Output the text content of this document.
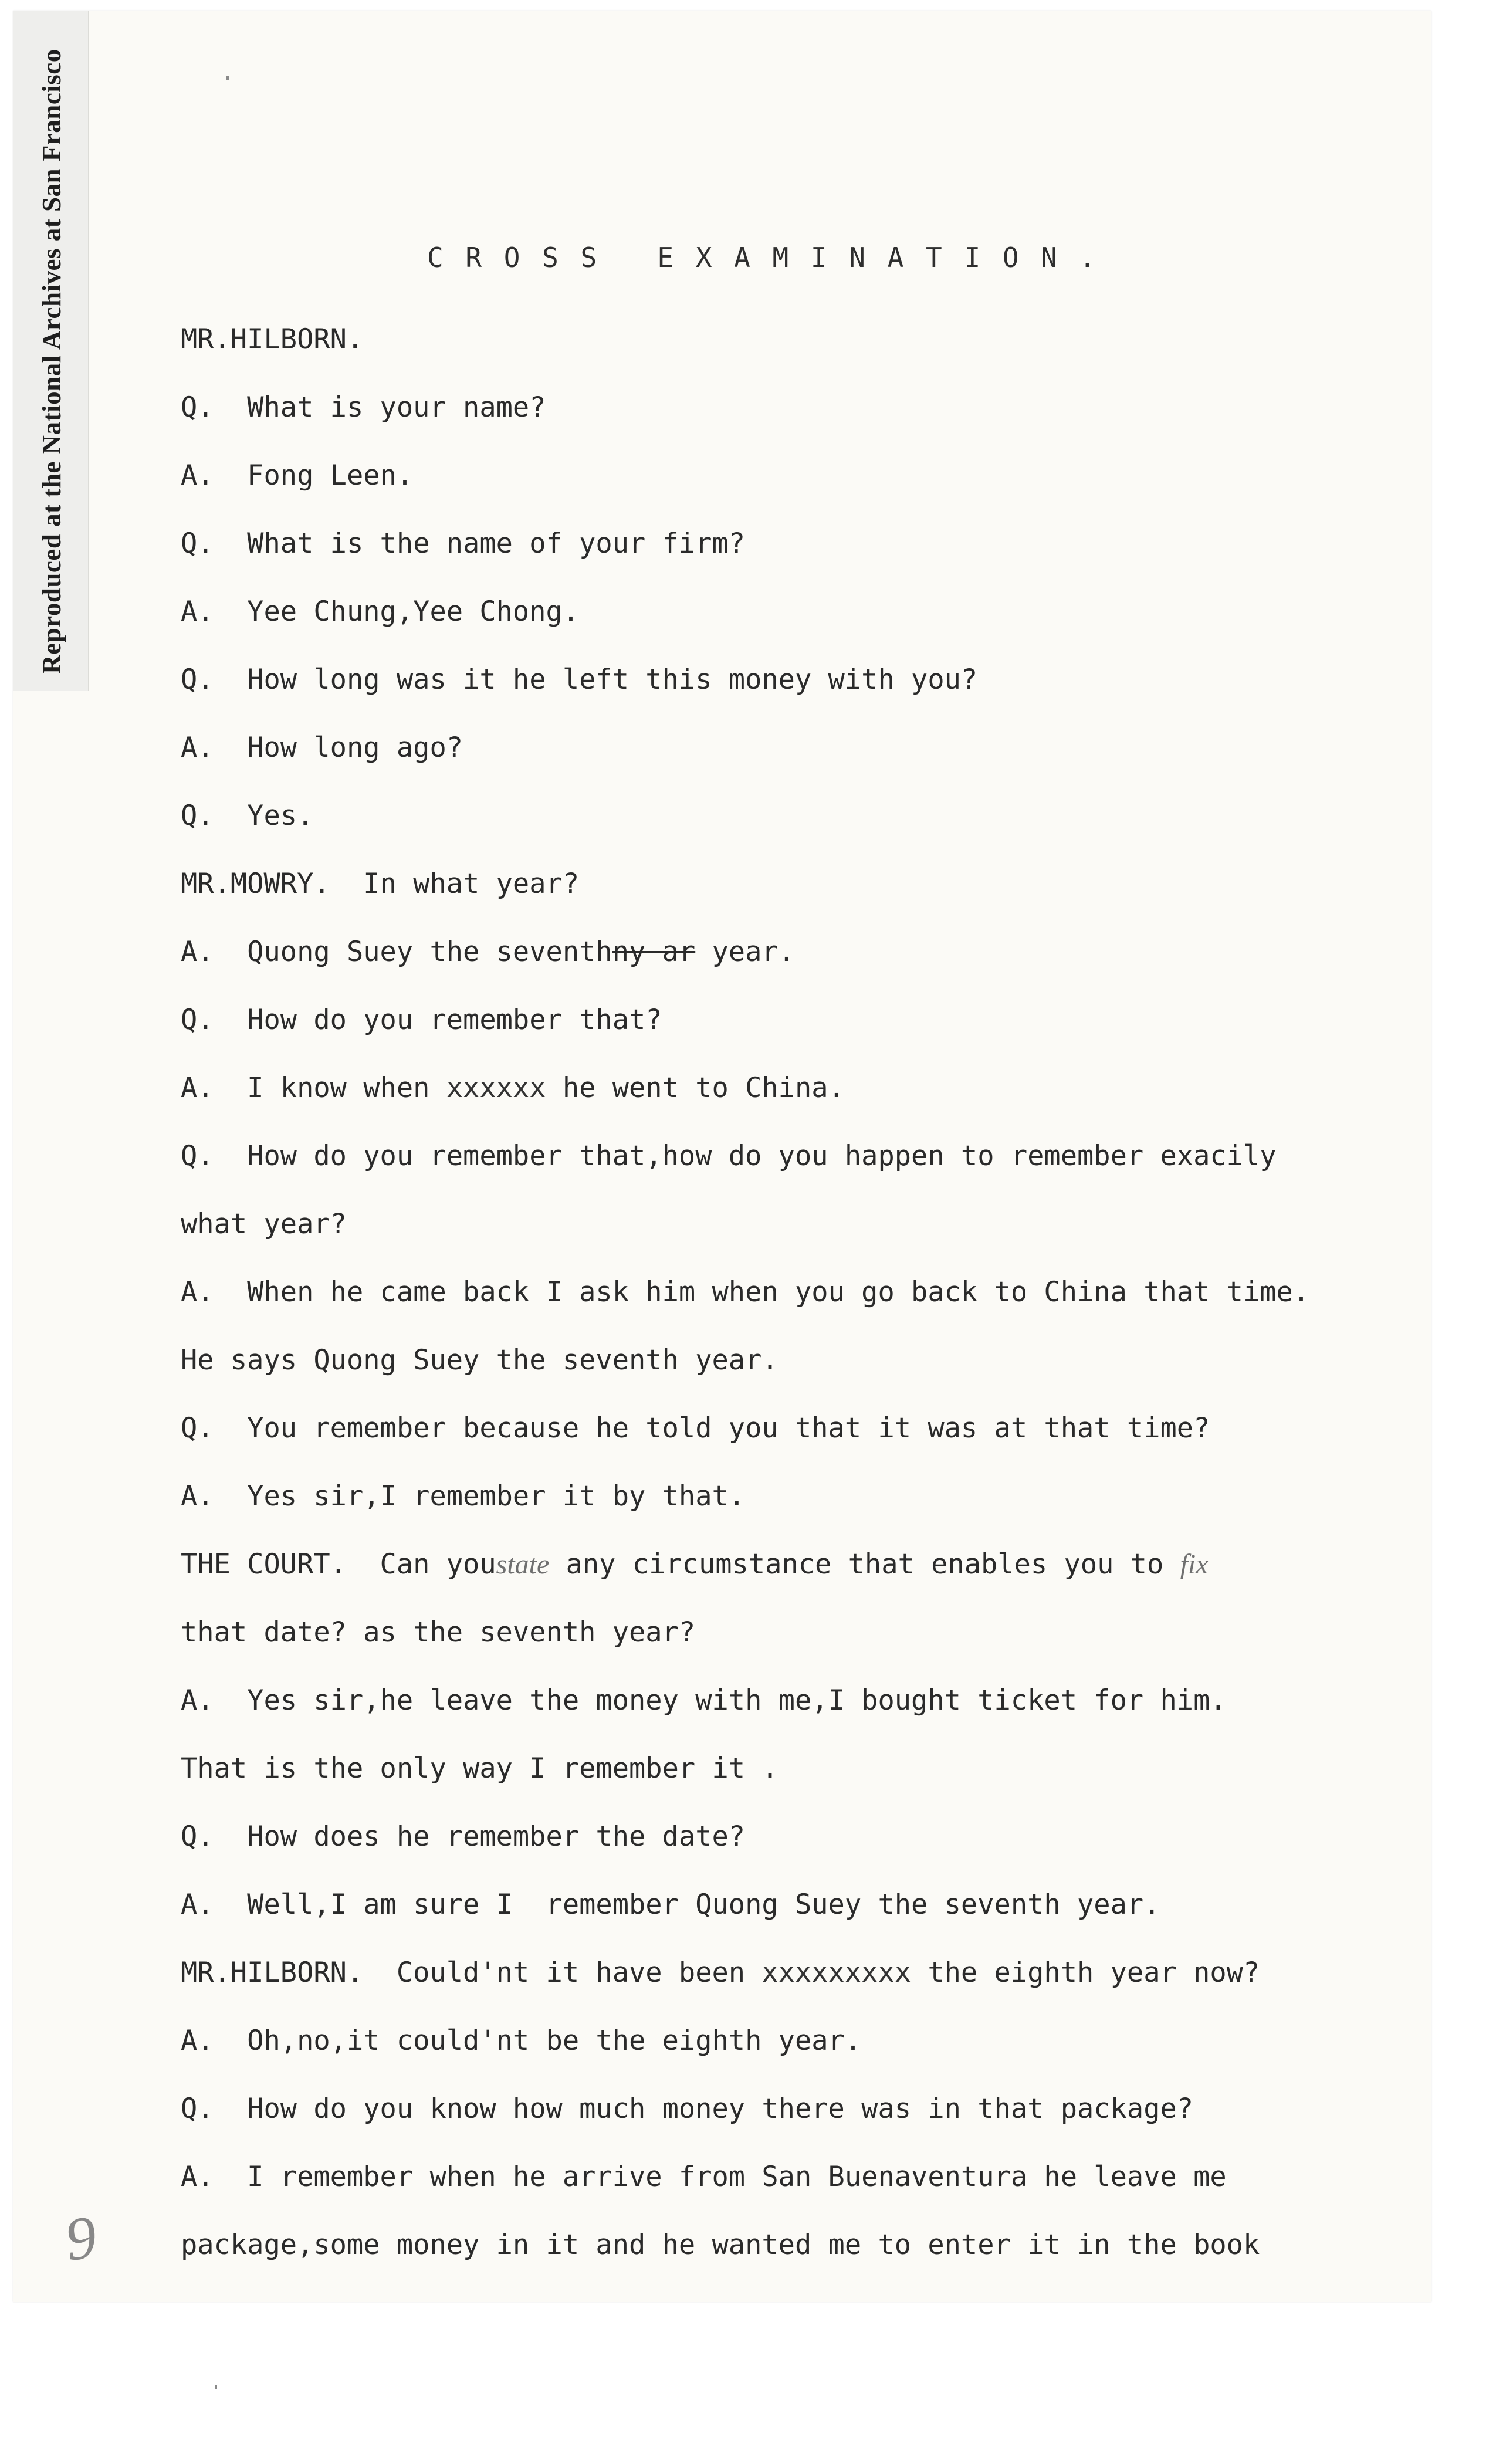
Reproduced at the National Archives at San Francisco	C R O S S   E X A M I N A T I O N .

MR.HILBORN.

Q.  What is your name?

A.  Fong Leen.

Q.  What is the name of your firm?

A.  Yee Chung,Yee Chong.

Q.  How long was it he left this money with you?

A.  How long ago?

Q.  Yes.

MR.MOWRY.  In what year?

A.  Quong Suey the seventhny ar year.

Q.  How do you remember that?

A.  I know when xxxxxx he went to China.

Q.  How do you remember that,how do you happen to remember exacily

what year?

A.  When he came back I ask him when you go back to China that time.

He says Quong Suey the seventh year.

Q.  You remember because he told you that it was at that time?

A.  Yes sir,I remember it by that.

THE COURT.  Can youstate any circumstance that enables you to fix

that date? as the seventh year?

A.  Yes sir,he leave the money with me,I bought ticket for him.

That is the only way I remember it .

Q.  How does he remember the date?

A.  Well,I am sure I  remember Quong Suey the seventh year.

MR.HILBORN.  Could'nt it have been xxxxxxxxx the eighth year now?

A.  Oh,no,it could'nt be the eighth year.

Q.  How do you know how much money there was in that package?

A.  I remember when he arrive from San Buenaventura he leave me

package,some money in it and he wanted me to enter it in the book

9
